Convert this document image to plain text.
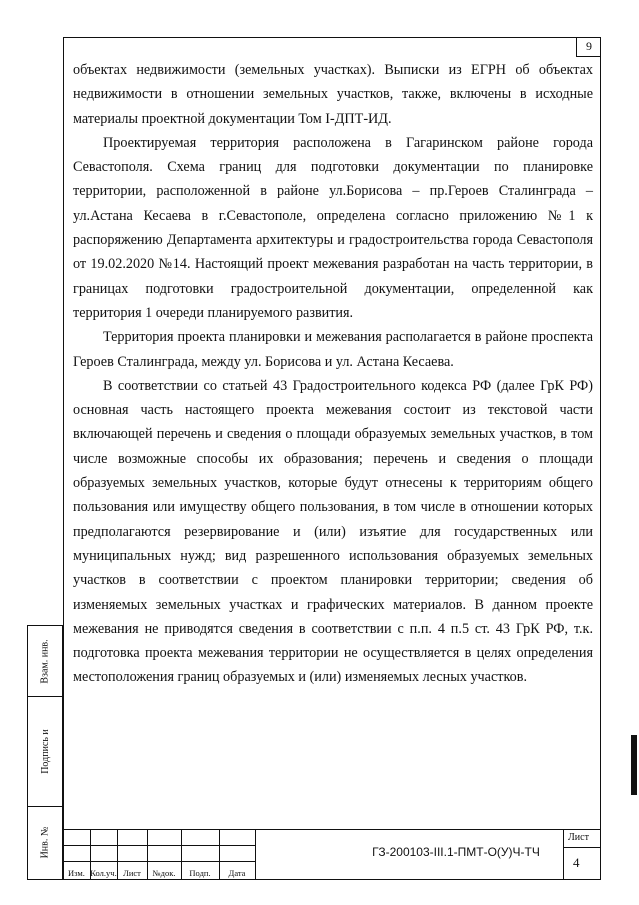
9

объектах недвижимости (земельных участках). Выписки из ЕГРН об объектах недвижимости в отношении земельных участков, также, включены в исходные материалы проектной документации Том I-ДПТ-ИД.

Проектируемая территория расположена в Гагаринском районе города Севастополя. Схема границ для подготовки документации по планировке территории, расположенной в районе ул.Борисова – пр.Героев Сталинграда – ул.Астана Кесаева в г.Севастополе, определена согласно приложению №1 к распоряжению Департамента архитектуры и градостроительства города Севастополя от 19.02.2020 №14. Настоящий проект межевания разработан на часть территории, в границах подготовки градостроительной документации, определенной как территория 1 очереди планируемого развития.

Территория проекта планировки и межевания располагается в районе проспекта Героев Сталинграда, между ул. Борисова и ул. Астана Кесаева.

В соответствии со статьей 43 Градостроительного кодекса РФ (далее ГрК РФ) основная часть настоящего проекта межевания состоит из текстовой части включающей перечень и сведения о площади образуемых земельных участков, в том числе возможные способы их образования; перечень и сведения о площади образуемых земельных участков, которые будут отнесены к территориям общего пользования или имуществу общего пользования, в том числе в отношении которых предполагаются резервирование и (или) изъятие для государственных или муниципальных нужд; вид разрешенного использования образуемых земельных участков в соответствии с проектом планировки территории; сведения об изменяемых земельных участках и графических материалов. В данном проекте межевания не приводятся сведения в соответствии с п.п. 4 п.5 ст. 43 ГрК РФ, т.к. подготовка проекта межевания территории не осуществляется в целях определения местоположения границ образуемых и (или) изменяемых лесных участков.

Взам. инв.
Подпись и
Инв. №
Изм. Кол.уч. Лист	№док.	Подп.	Дата
ГЗ-200103-III.1-ПМТ-О(У)Ч-ТЧ
Лист
4
